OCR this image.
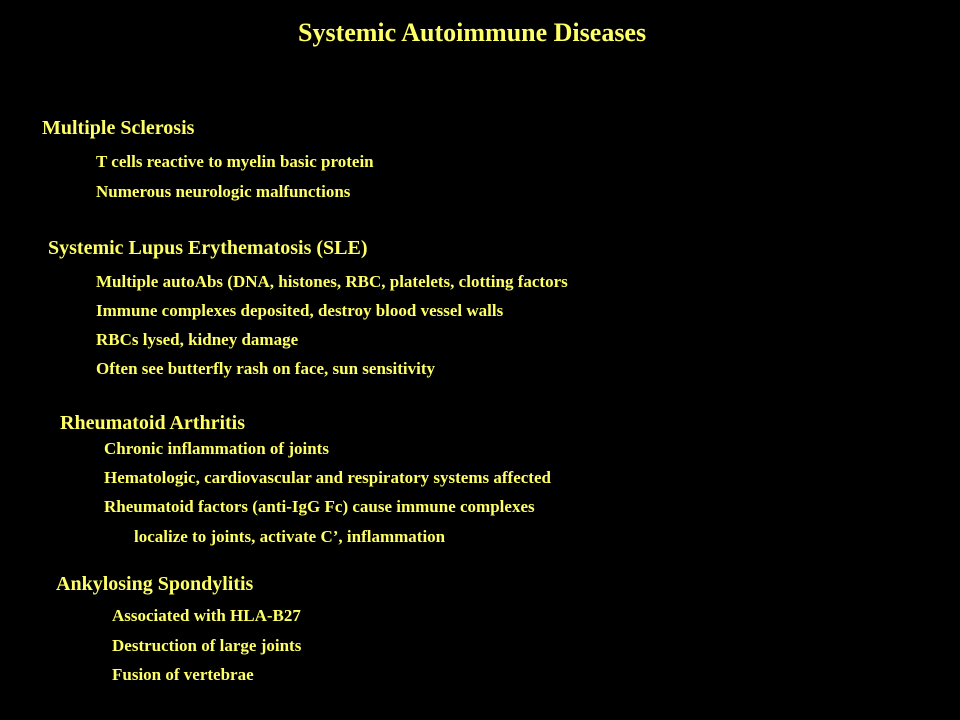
Systemic Autoimmune Diseases
Multiple Sclerosis
T cells reactive to myelin basic protein
Numerous neurologic malfunctions
Systemic Lupus Erythematosis (SLE)
Multiple autoAbs (DNA, histones, RBC, platelets, clotting factors
Immune complexes deposited, destroy blood vessel walls
RBCs lysed, kidney damage
Often see butterfly rash on face, sun sensitivity
Rheumatoid Arthritis
Chronic inflammation of joints
Hematologic, cardiovascular and respiratory systems affected
Rheumatoid factors (anti-IgG Fc) cause immune complexes
localize to joints, activate C’, inflammation
Ankylosing Spondylitis
Associated with HLA-B27
Destruction of large joints
Fusion of vertebrae
